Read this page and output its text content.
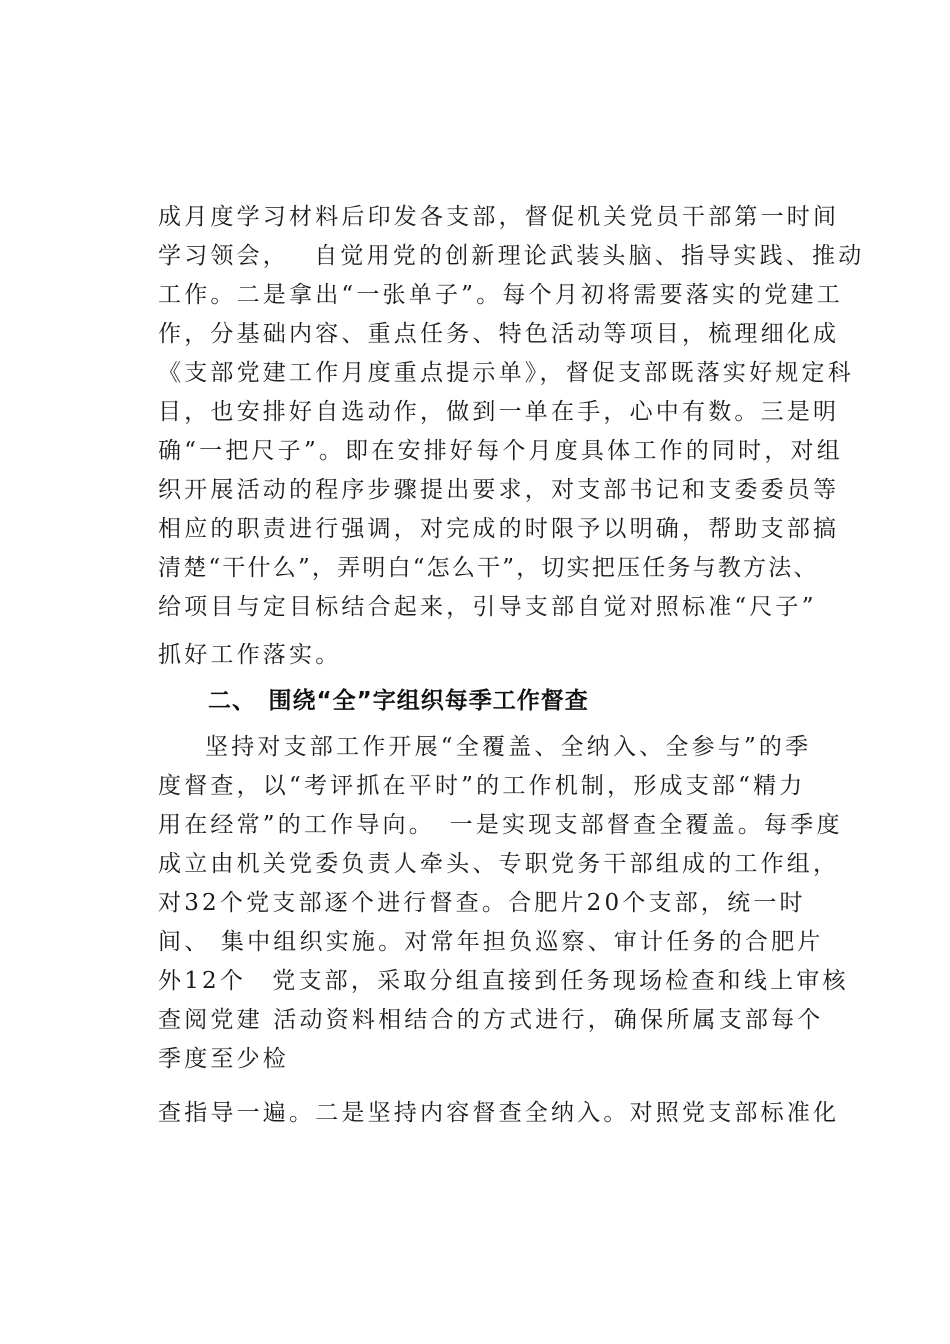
成月度学习材料后印发各支部，督促机关党员干部第一时间

学习领会，　 自觉用党的创新理论武装头脑、指导实践、推动

工作。二是拿出“一张单子”。每个月初将需要落实的党建工

作，分基础内容、重点任务、特色活动等项目，梳理细化成

《支部党建工作月度重点提示单》，督促支部既落实好规定科

目，也安排好自选动作，做到一单在手，心中有数。三是明

确“一把尺子”。即在安排好每个月度具体工作的同时，对组

织开展活动的程序步骤提出要求，对支部书记和支委委员等

相应的职责进行强调，对完成的时限予以明确，帮助支部搞

清楚“干什么”，弄明白“怎么干”，切实把压任务与教方法、

给项目与定目标结合起来，引导支部自觉对照标准“尺子”

抓好工作落实。

二、　围绕“全”字组织每季工作督查

坚持对支部工作开展“全覆盖、全纳入、全参与”的季

度督查，以“考评抓在平时”的工作机制，形成支部“精力

用在经常”的工作导向。　一是实现支部督查全覆盖。每季度

成立由机关党委负责人牵头、专职党务干部组成的工作组，

对32个党支部逐个进行督查。合肥片20个支部，统一时

间、 集中组织实施。对常年担负巡察、审计任务的合肥片

外12个　党支部，采取分组直接到任务现场检查和线上审核

查阅党建 活动资料相结合的方式进行，确保所属支部每个

季度至少检

查指导一遍。二是坚持内容督查全纳入。对照党支部标准化
